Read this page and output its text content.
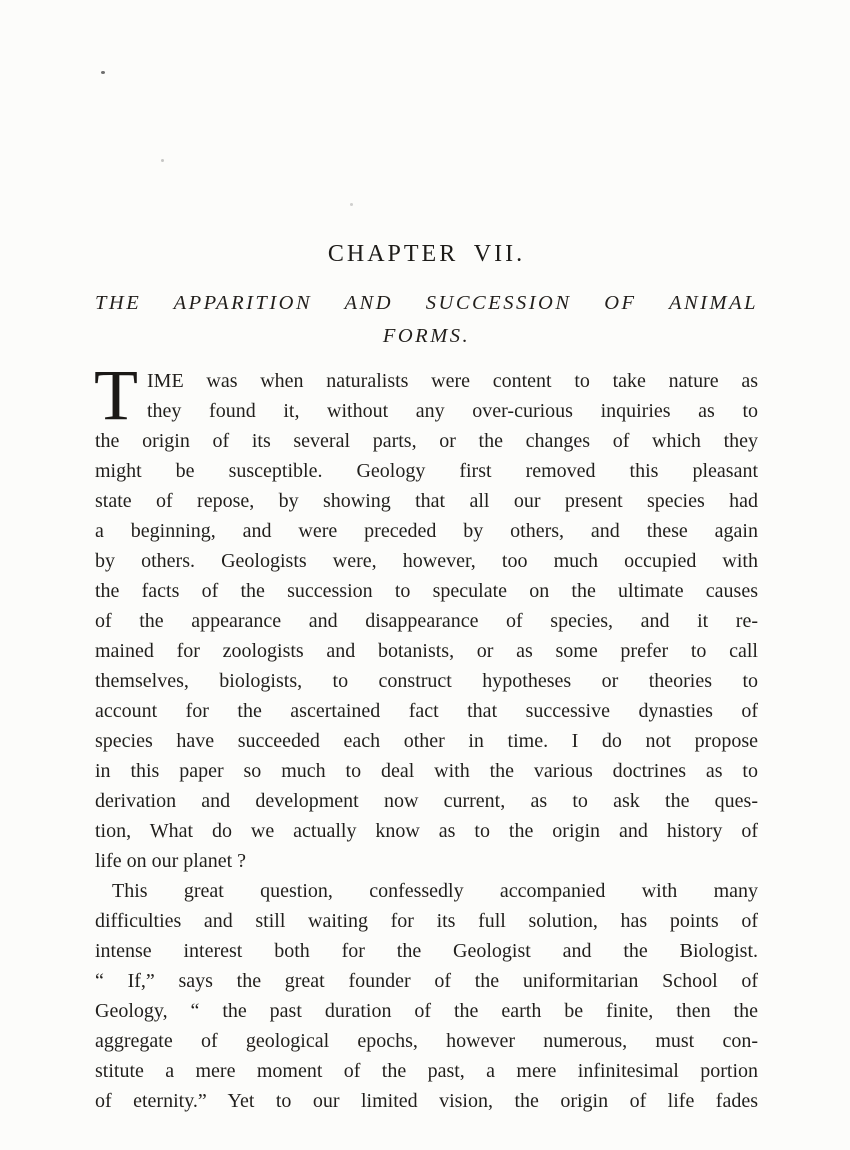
CHAPTER VII.
THE APPARITION AND SUCCESSION OF ANIMAL
FORMS.
T IME was when naturalists were content to take nature as
they found it, without any over-curious inquiries as to
the origin of its several parts, or the changes of which they
might be susceptible. Geology first removed this pleasant
state of repose, by showing that all our present species had
a beginning, and were preceded by others, and these again
by others. Geologists were, however, too much occupied with
the facts of the succession to speculate on the ultimate causes
of the appearance and disappearance of species, and it re-
mained for zoologists and botanists, or as some prefer to call
themselves, biologists, to construct hypotheses or theories to
account for the ascertained fact that successive dynasties of
species have succeeded each other in time. I do not propose
in this paper so much to deal with the various doctrines as to
derivation and development now current, as to ask the ques-
tion, What do we actually know as to the origin and history of
life on our planet ?
This great question, confessedly accompanied with many
difficulties and still waiting for its full solution, has points of
intense interest both for the Geologist and the Biologist.
“ If,” says the great founder of the uniformitarian School of
Geology, “ the past duration of the earth be finite, then the
aggregate of geological epochs, however numerous, must con-
stitute a mere moment of the past, a mere infinitesimal portion
of eternity.” Yet to our limited vision, the origin of life fades
